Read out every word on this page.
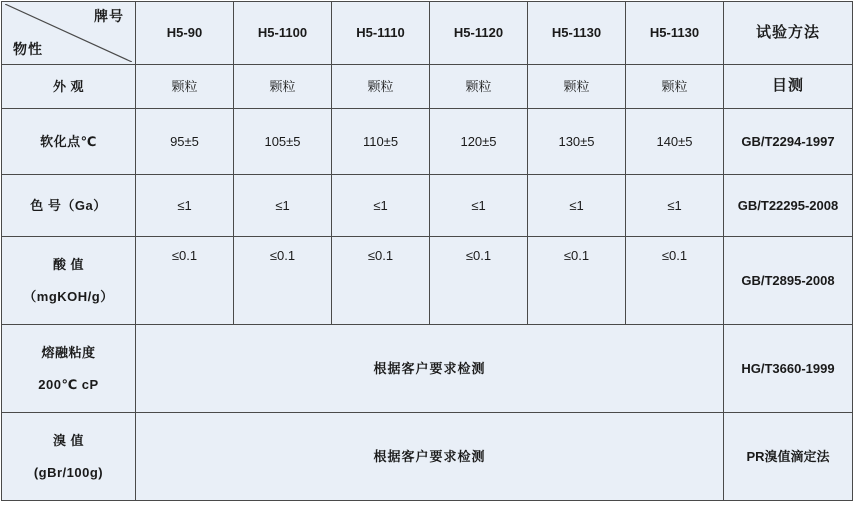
牌号
物性	H5-90	H5-1100	H5-1110	H5-1120	H5-1130	H5-1130	试验方法
外 观	颗粒	颗粒	颗粒	颗粒	颗粒	颗粒	目测
软化点℃	95±5	105±5	110±5	120±5	130±5	140±5	GB/T2294-1997
色 号（Ga）	≤1	≤1	≤1	≤1	≤1	≤1	GB/T22295-2008

酸 值
（mgKOH/g）	≤0.1	≤0.1	≤0.1	≤0.1	≤0.1	≤0.1	GB/T2895-2008

熔融粘度
200℃ cP	根据客户要求检测						HG/T3660-1999

溴 值
(gBr/100g)	根据客户要求检测						PR溴值滴定法
